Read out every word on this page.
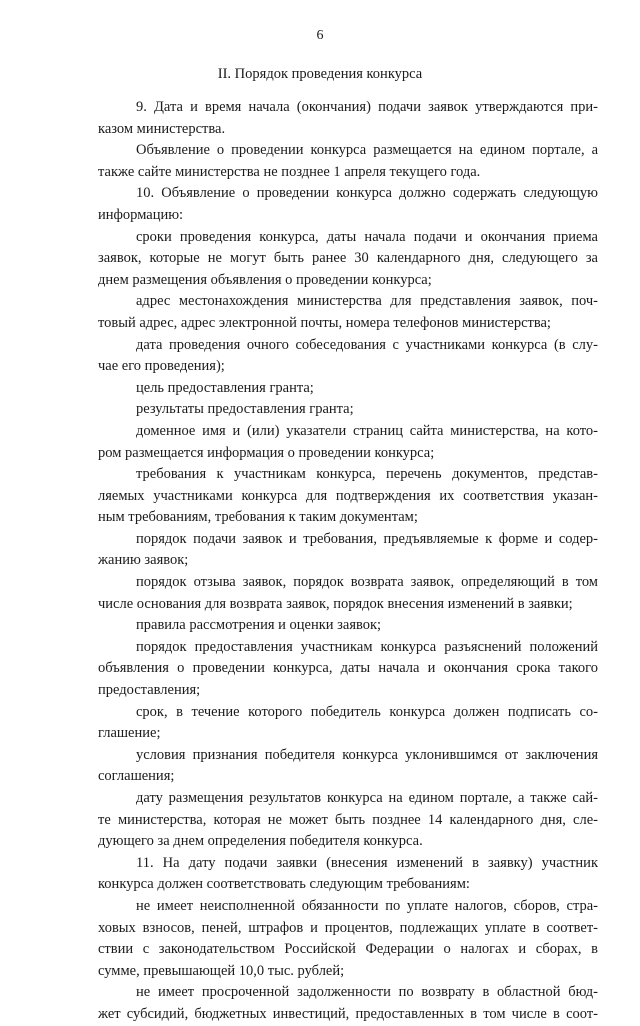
6
II. Порядок проведения конкурса
9. Дата и время начала (окончания) подачи заявок утверждаются при-
казом министерства.
Объявление о проведении конкурса размещается на едином портале, а
также сайте министерства не позднее 1 апреля текущего года.
10. Объявление о проведении конкурса должно содержать следующую
информацию:
сроки проведения конкурса, даты начала подачи и окончания приема
заявок, которые не могут быть ранее 30 календарного дня, следующего за
днем размещения объявления о проведении конкурса;
адрес местонахождения министерства для представления заявок, поч-
товый адрес, адрес электронной почты, номера телефонов министерства;
дата проведения очного собеседования с участниками конкурса (в слу-
чае его проведения);
цель предоставления гранта;
результаты предоставления гранта;
доменное имя и (или) указатели страниц сайта министерства, на кото-
ром размещается информация о проведении конкурса;
требования к участникам конкурса, перечень документов, представ-
ляемых участниками конкурса для подтверждения их соответствия указан-
ным требованиям, требования к таким документам;
порядок подачи заявок и требования, предъявляемые к форме и содер-
жанию заявок;
порядок отзыва заявок, порядок возврата заявок, определяющий в том
числе основания для возврата заявок, порядок внесения изменений в заявки;
правила рассмотрения и оценки заявок;
порядок предоставления участникам конкурса разъяснений положений
объявления о проведении конкурса, даты начала и окончания срока такого
предоставления;
срок, в течение которого победитель конкурса должен подписать со-
глашение;
условия признания победителя конкурса уклонившимся от заключения
соглашения;
дату размещения результатов конкурса на едином портале, а также сай-
те министерства, которая не может быть позднее 14 календарного дня, сле-
дующего за днем определения победителя конкурса.
11. На дату подачи заявки (внесения изменений в заявку) участник
конкурса должен соответствовать следующим требованиям:
не имеет неисполненной обязанности по уплате налогов, сборов, стра-
ховых взносов, пеней, штрафов и процентов, подлежащих уплате в соответ-
ствии с законодательством Российской Федерации о налогах и сборах, в
сумме, превышающей 10,0 тыс. рублей;
не имеет просроченной задолженности по возврату в областной бюд-
жет субсидий, бюджетных инвестиций, предоставленных в том числе в соот-
